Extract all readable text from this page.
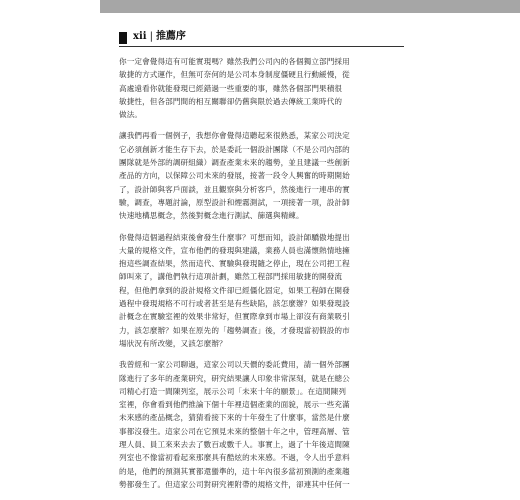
xii | 推薦序
你一定會覺得這有可能實現嗎？雖然我們公司內的各個獨立部門採用
敏捷的方式運作，但無可奈何的是公司本身制度僵硬且行動緩慢，從
高處遠看你就能發現已經錯過一些重要的事，雖然各個部門果積很
敏捷性，但各部門間的相互關聯卻仍舊與限於過去傳統工業時代的
做法。
讓我們再看一個例子，我想你會覺得這聽起來很熟悉，某家公司決定
它必須創新才能生存下去，於是委託一個設計團隊（不是公司內部的
團隊就是外部的調研組織）調查產業未來的趨勢，並且建議一些創新
產品的方向，以保障公司未來的發展，接著一段令人興奮的時期開始
了，設計師與客戶面談，並且觀察與分析客戶，然後進行一連串的實
驗，調查，專題討論，原型設計和煙霧測試，一項接著一項，設計師
快速地構思概念，然後對概念進行測試、篩選與精練。
你覺得這個過程結束後會發生什麼事？可想而知，設計師驕傲地提出
大量的規格文件，宣布他們的發現與建議，業務人員也滿懷熱情地擁
抱這些調查結果，然而這代、實驗與發現隨之停止，現在公司把工程
師叫來了，講他們執行這項計劃，雖然工程部門採用敏捷的開發流
程，但他們拿到的設計規格文件卻已經僵化固定，如果工程師在開發
過程中發現規格不可行或者甚至是有些缺陷，該怎麼辦？如果發現設
計概念在實驗室裡的效果非常好，但實際拿到市場上卻沒有商業吸引
力，該怎麼辦？如果在原先的「趨勢調查」後，才發現當初假設的市
場狀況有所改變，又該怎麼辦？
我曾經和一家公司聊過，這家公司以天價的委託費用，請一個外部團
隊進行了多年的產業研究，研究結果讓人印象非常深刻，就是在總公
司精心打造一間陳列室，展示公司「未來十年的願景」。在這間陳列
室裡，你會看到他們推論下個十年裡這個產業的面貌，展示一些充滿
未來感的產品概念，猜猜看接下來的十年發生了什麼事，當然是什麼
事都沒發生。這家公司在它預見未來的整個十年之中，管理高層、管
理人員、員工來來去去了數百或數千人。事實上，過了十年後這間陳
列室也不像當初看起來那麼具有酷炫的未來感。不過，令人出乎意料
的是，他們的預測其實都還蠻準的，這十年內很多當初預測的產業趨
勢都發生了。但這家公司對研究裡附帶的規格文件，卻連其中任何一
